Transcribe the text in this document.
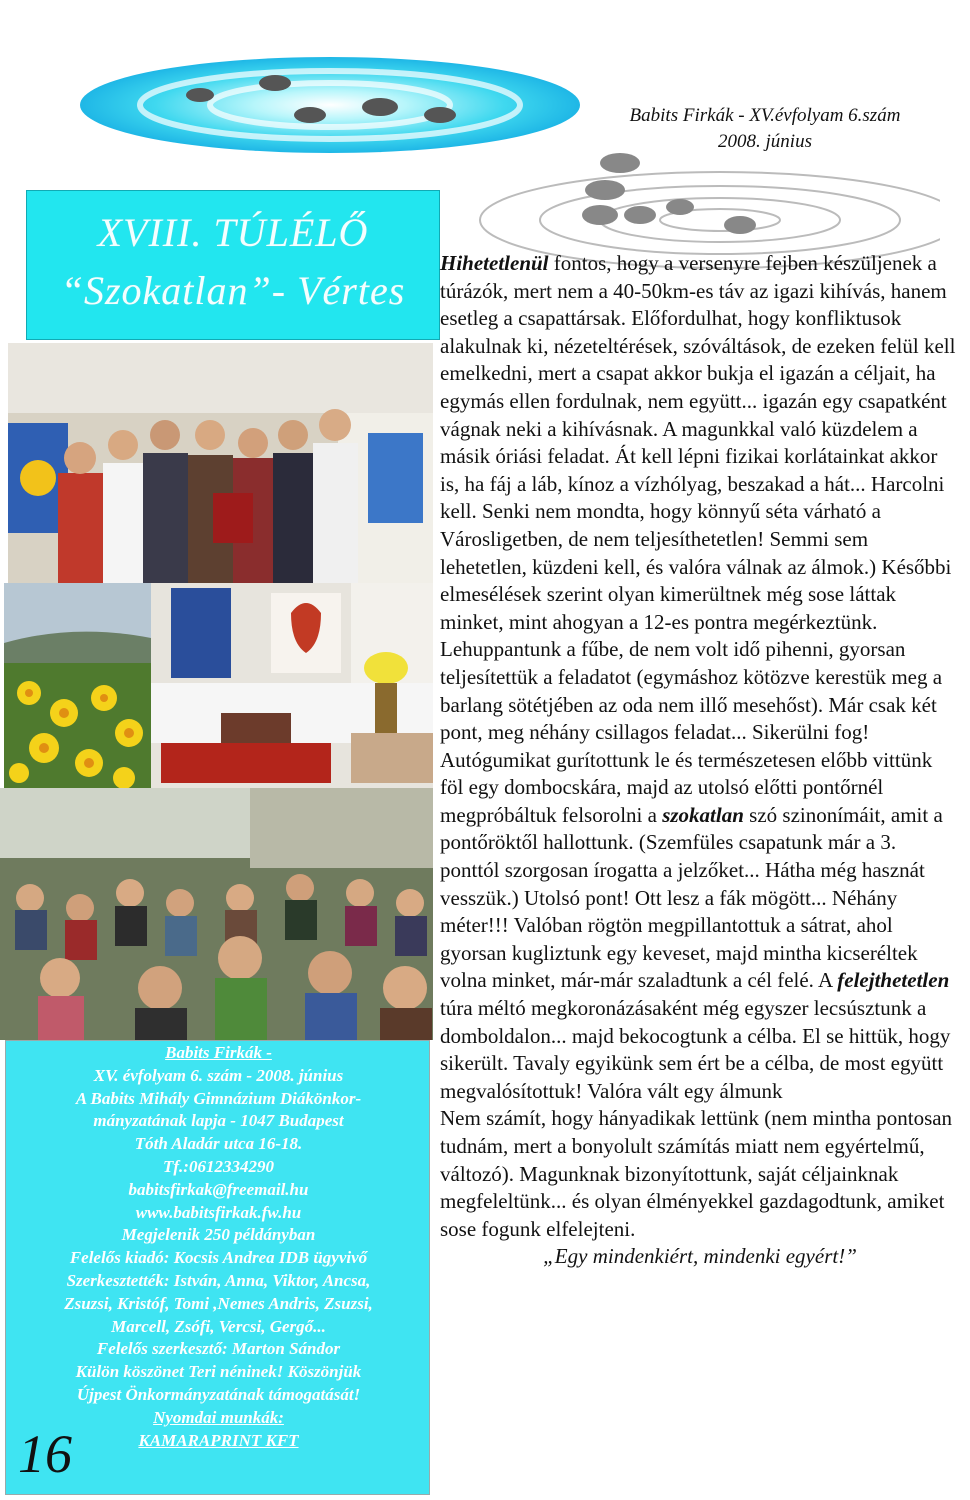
Babits Firkák - XV.évfolyam 6.szám
2008. június
XVIII. TÚLÉLŐ
“Szokatlan”- Vértes
Babits Firkák -
XV. évfolyam 6. szám - 2008. június
A Babits Mihály Gimnázium Diákönkor-
mányzatának lapja - 1047 Budapest
Tóth Aladár utca 16-18.
Tf.:0612334290
babitsfirkak@freemail.hu
www.babitsfirkak.fw.hu
Megjelenik 250 példányban
Felelős kiadó: Kocsis Andrea IDB ügyvivő
Szerkesztették: István, Anna, Viktor, Ancsa,
Zsuzsi, Kristóf, Tomi ,Nemes Andris, Zsuzsi,
Marcell, Zsófi, Vercsi, Gergő...
Felelős szerkesztő: Marton Sándor
Külön köszönet Teri néninek! Köszönjük
Újpest Önkormányzatának támogatását!
Nyomdai munkák:
KAMARAPRINT KFT
16

Hihetetlenül fontos, hogy a versenyre fejben készüljenek a túrázók, mert nem a 40-50km-es táv az igazi kihívás, hanem esetleg a csapattársak. Előfordulhat, hogy konfliktusok alakulnak ki, nézeteltérések, szóváltások, de ezeken felül kell emelkedni, mert a csapat akkor bukja el igazán a céljait, ha egymás ellen fordulnak, nem együtt... igazán egy csapatként vágnak neki a kihívásnak. A magunkkal való küzdelem a másik óriási feladat. Át kell lépni fizikai korlátainkat akkor is, ha fáj a láb, kínoz a vízhólyag, beszakad a hát... Harcolni kell. Senki nem mondta, hogy könnyű séta várható a Városligetben, de nem teljesíthetetlen! Semmi sem lehetetlen, küzdeni kell, és valóra válnak az álmok.) Későbbi elmesélések szerint olyan kimerültnek még sose láttak minket, mint ahogyan a 12-es pontra megérkeztünk. Lehuppantunk a fűbe, de nem volt idő pihenni, gyorsan teljesítettük a feladatot (egymáshoz kötözve kerestük meg a barlang sötétjében az oda nem illő mesehőst). Már csak két pont, meg néhány csillagos feladat... Sikerülni fog! Autógumikat gurítottunk le és természetesen előbb vittünk föl egy dombocskára, majd az utolsó előtti pontőrnél megpróbáltuk felsorolni a szokatlan szó szinonímáit, amit a pontőröktől hallottunk. (Szemfüles csapatunk már a 3. ponttól szorgosan írogatta a jelzőket... Hátha még hasznát vesszük.) Utolsó pont! Ott lesz a fák mögött... Néhány méter!!! Valóban rögtön megpillantottuk a sátrat, ahol gyorsan kugliztunk egy keveset, majd mintha kicseréltek volna minket, már-már szaladtunk a cél felé. A felejthetetlen túra méltó megkoronázásaként még egyszer lecsúsztunk a domboldalon... majd bekocogtunk a célba. El se hittük, hogy sikerült. Tavaly egyikünk sem ért be a célba, de most együtt megvalósítottuk! Valóra vált egy álmunk

Nem számít, hogy hányadikak lettünk (nem mintha pontosan tudnám, mert a bonyolult számítás miatt nem egyértelmű, változó). Magunknak bizonyítottunk, saját céljainknak megfeleltünk... és olyan élményekkel gazdagodtunk, amiket sose fogunk elfelejteni.

„Egy mindenkiért, mindenki egyért!”
